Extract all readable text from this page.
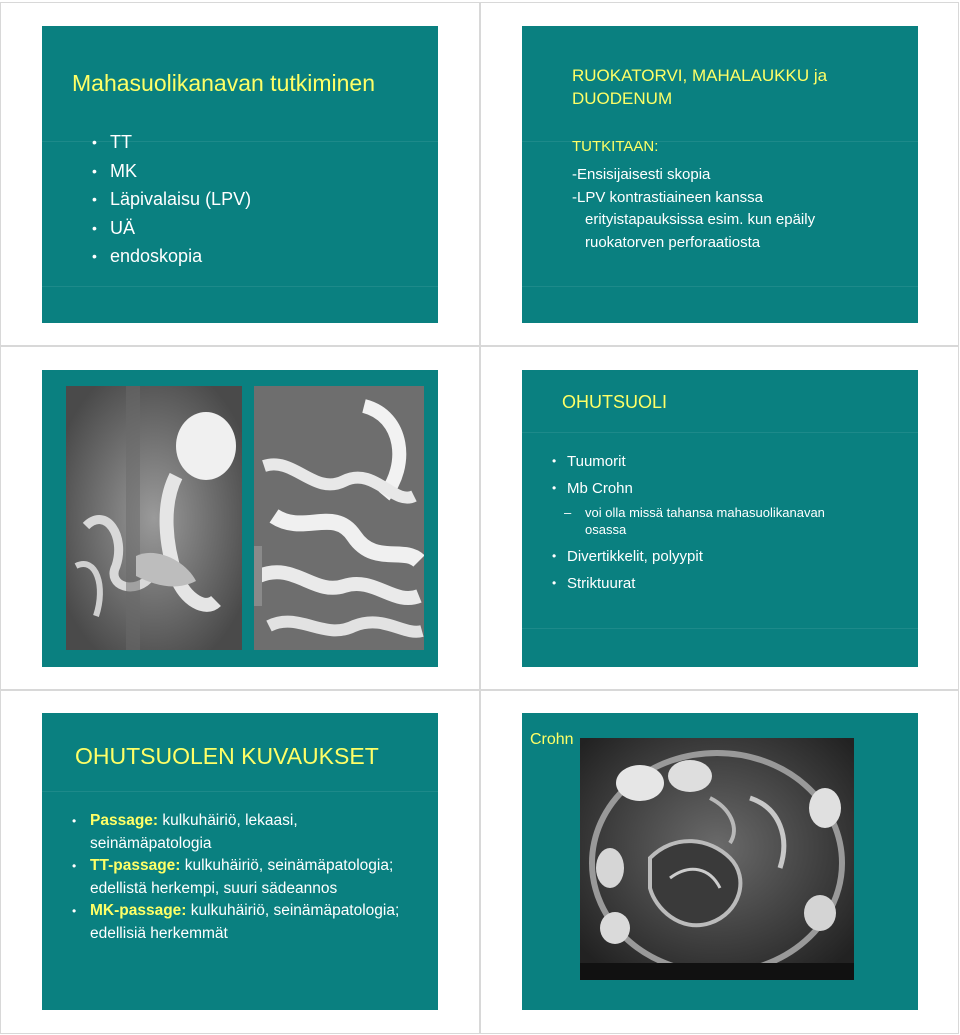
Mahasuolikanavan tutkiminen
• TT
• MK
• Läpivalaisu (LPV)
• UÄ
• endoskopia
RUOKATORVI, MAHALAUKKU ja DUODENUM
TUTKITAAN:
-Ensisijaisesti skopia
-LPV kontrastiaineen kanssa
erityistapauksissa esim. kun epäily
ruokatorven perforaatiosta
OHUTSUOLI
• Tuumorit
• Mb Crohn
– voi olla missä tahansa mahasuolikanavan
osassa
• Divertikkelit, polyypit
• Striktuurat
OHUTSUOLEN KUVAUKSET
• Passage: kulkuhäiriö, lekaasi, seinämäpatologia
• TT-passage: kulkuhäiriö, seinämäpatologia; edellistä herkempi, suuri sädeannos
• MK-passage: kulkuhäiriö, seinämäpatologia; edellisiä herkemmät
Crohn
